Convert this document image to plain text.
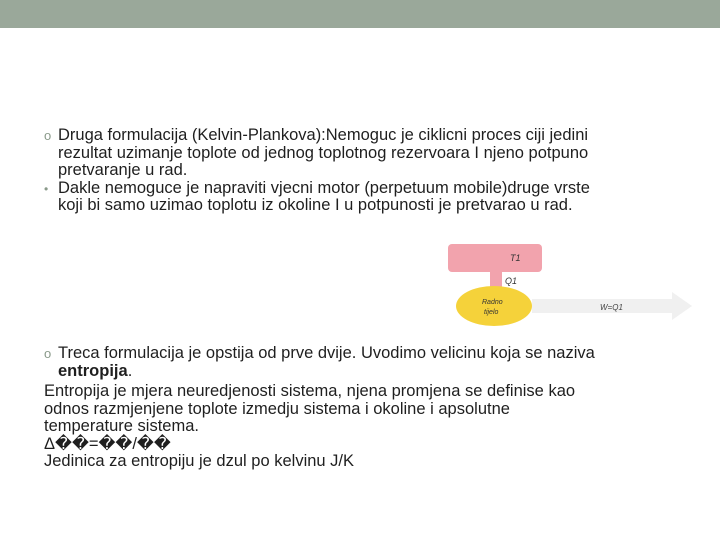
o Druga formulacija (Kelvin-Plankova):Nemoguc je ciklicni proces ciji jedini
rezultat uzimanje toplote od jednog toplotnog rezervoara I njeno potpuno
pretvaranje u rad.
• Dakle nemoguce je napraviti vjecni motor (perpetuum mobile)druge vrste
koji bi samo uzimao toplotu iz okoline I u potpunosti je pretvarao u rad.
T1
Q1
Radno
tijelo
W=Q1
o Treca formulacija je opstija od prve dvije. Uvodimo velicinu koja se naziva
entropija.
Entropija je mjera neuredjenosti sistema, njena promjena se definise kao
odnos razmjenjene toplote izmedju sistema i okoline i apsolutne
temperature sistema.
Δ��=��/��
Jedinica za entropiju je dzul po kelvinu J/K
